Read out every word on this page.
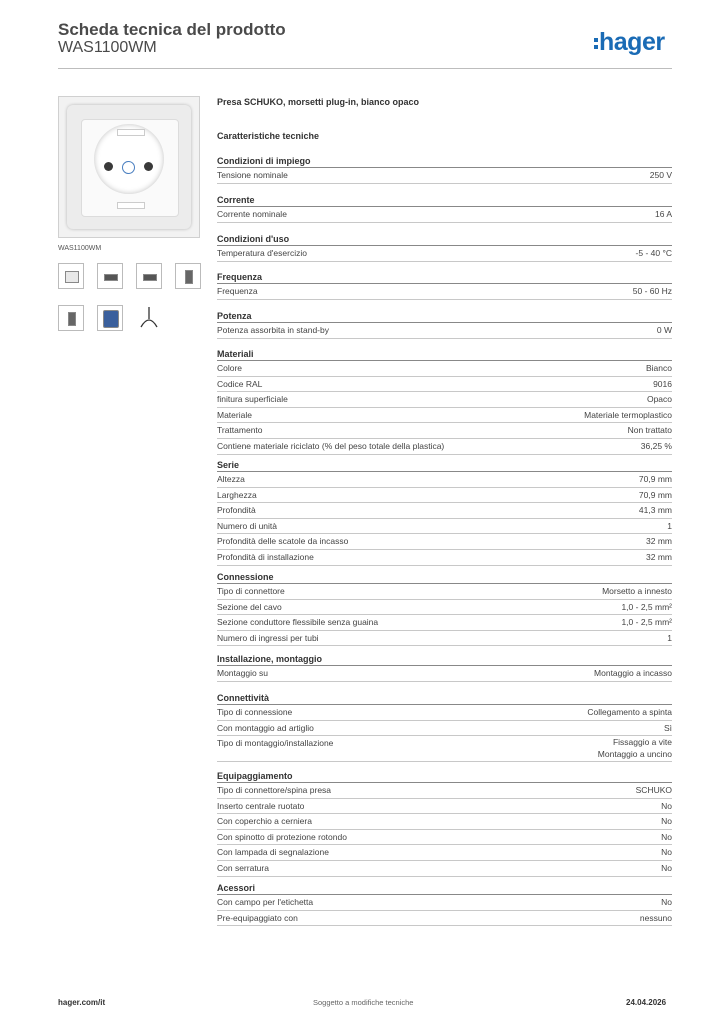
Scheda tecnica del prodotto
WAS1100WM	hager
WAS1100WM
Presa SCHUKO, morsetti plug-in, bianco opaco
Caratteristiche tecniche
Condizioni di impiego
Tensione nominale	250 V
Corrente
Corrente nominale	16 A
Condizioni d'uso
Temperatura d'esercizio	-5 - 40 °C
Frequenza
Frequenza	50 - 60 Hz
Potenza
Potenza assorbita in stand-by	0 W
Materiali
Colore	Bianco
Codice RAL	9016
finitura superficiale	Opaco
Materiale	Materiale termoplastico
Trattamento	Non trattato
Contiene materiale riciclato (% del peso totale della plastica)	36,25 %
Serie
Altezza	70,9 mm
Larghezza	70,9 mm
Profondità	41,3 mm
Numero di unità	1
Profondità delle scatole da incasso	32 mm
Profondità di installazione	32 mm
Connessione
Tipo di connettore	Morsetto a innesto
Sezione del cavo	1,0 - 2,5 mm²
Sezione conduttore flessibile senza guaina	1,0 - 2,5 mm²
Numero di ingressi per tubi	1
Installazione, montaggio
Montaggio su	Montaggio a incasso
Connettività
Tipo di connessione	Collegamento a spinta
Con montaggio ad artiglio	Sì
Tipo di montaggio/installazione	Fissaggio a vite
Montaggio a uncino
Equipaggiamento
Tipo di connettore/spina presa	SCHUKO
Inserto centrale ruotato	No
Con coperchio a cerniera	No
Con spinotto di protezione rotondo	No
Con lampada di segnalazione	No
Con serratura	No
Acessori
Con campo per l'etichetta	No
Pre-equipaggiato con	nessuno
hager.com/it	Soggetto a modifiche tecniche	24.04.2026
